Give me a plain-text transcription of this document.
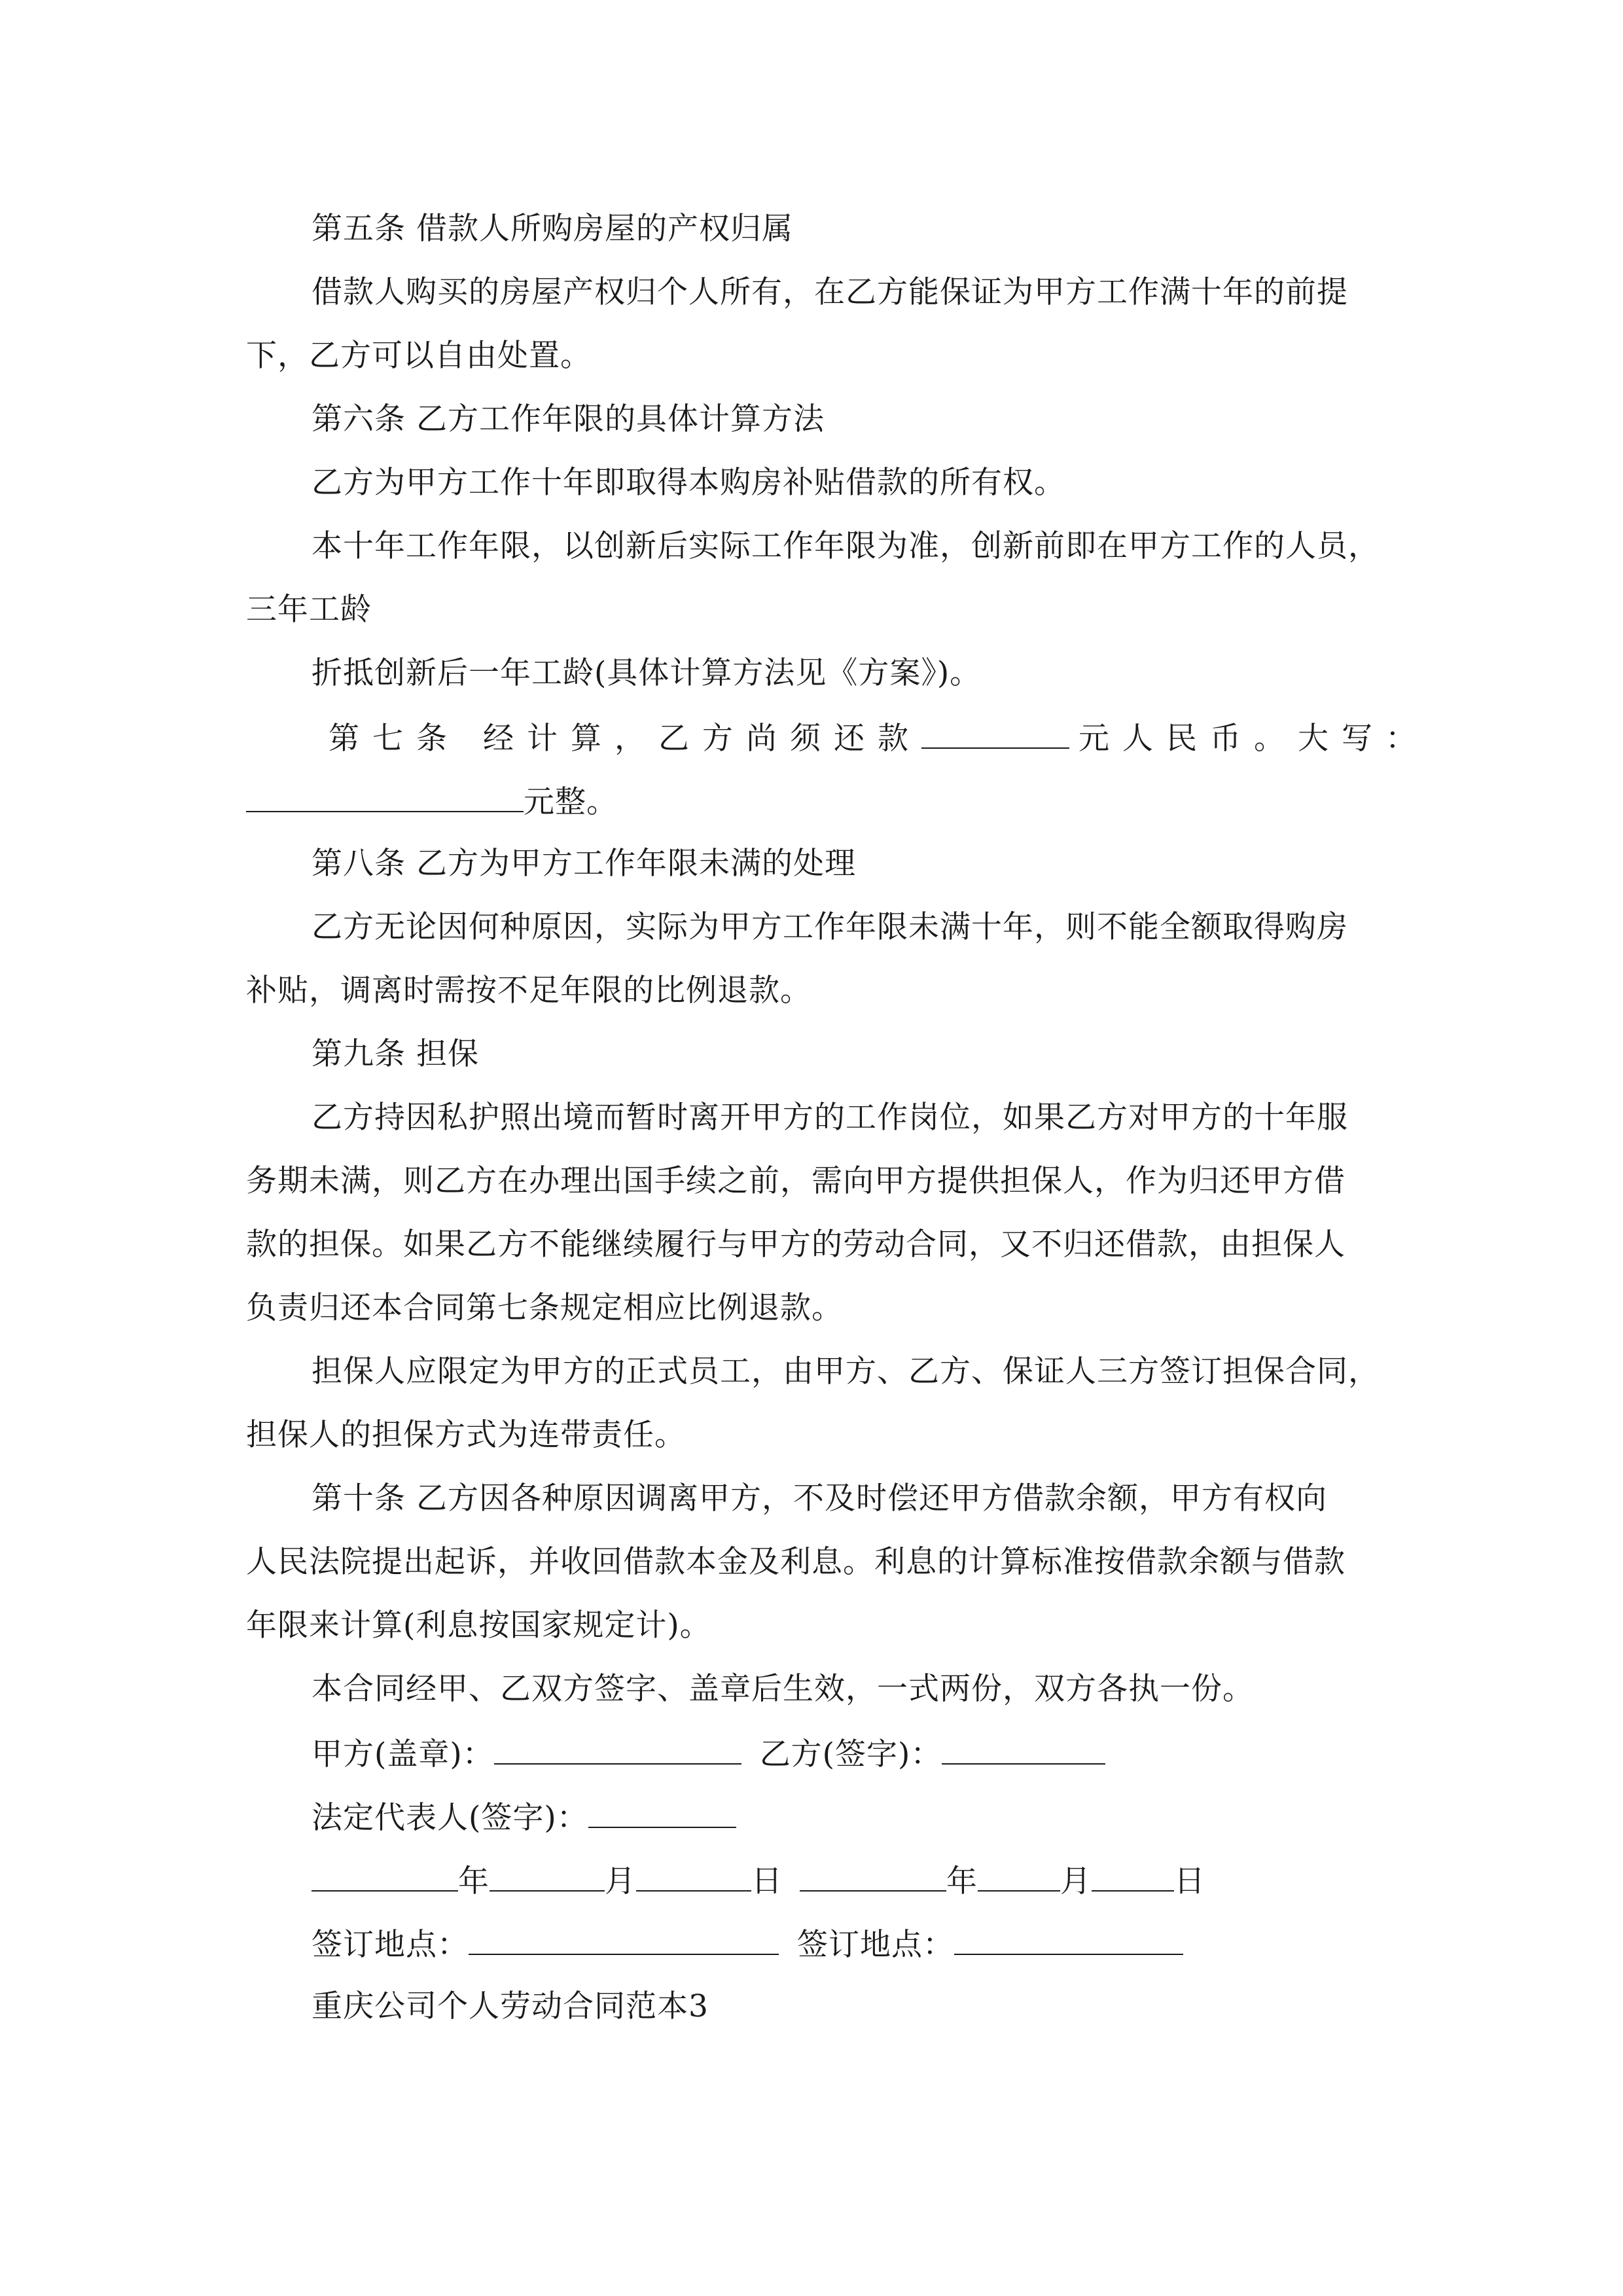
第五条 借款人所购房屋的产权归属
借款人购买的房屋产权归个人所有，在乙方能保证为甲方工作满十年的前提
下，乙方可以自由处置。
第六条 乙方工作年限的具体计算方法
乙方为甲方工作十年即取得本购房补贴借款的所有权。
本十年工作年限，以创新后实际工作年限为准，创新前即在甲方工作的人员，
三年工龄
折抵创新后一年工龄(具体计算方法见《方案》)。
第七条 经计算，乙方尚须还款	元人民币。大写：
元整。
第八条 乙方为甲方工作年限未满的处理
乙方无论因何种原因，实际为甲方工作年限未满十年，则不能全额取得购房
补贴，调离时需按不足年限的比例退款。
第九条 担保
乙方持因私护照出境而暂时离开甲方的工作岗位，如果乙方对甲方的十年服
务期未满，则乙方在办理出国手续之前，需向甲方提供担保人，作为归还甲方借
款的担保。如果乙方不能继续履行与甲方的劳动合同，又不归还借款，由担保人
负责归还本合同第七条规定相应比例退款。
担保人应限定为甲方的正式员工，由甲方、乙方、保证人三方签订担保合同，
担保人的担保方式为连带责任。
第十条 乙方因各种原因调离甲方，不及时偿还甲方借款余额，甲方有权向
人民法院提出起诉，并收回借款本金及利息。利息的计算标准按借款余额与借款
年限来计算(利息按国家规定计)。
本合同经甲、乙双方签字、盖章后生效，一式两份，双方各执一份。
甲方(盖章)：	乙方(签字)：
法定代表人(签字)：
年	月	日	年	月	日
签订地点：	签订地点：
重庆公司个人劳动合同范本3
